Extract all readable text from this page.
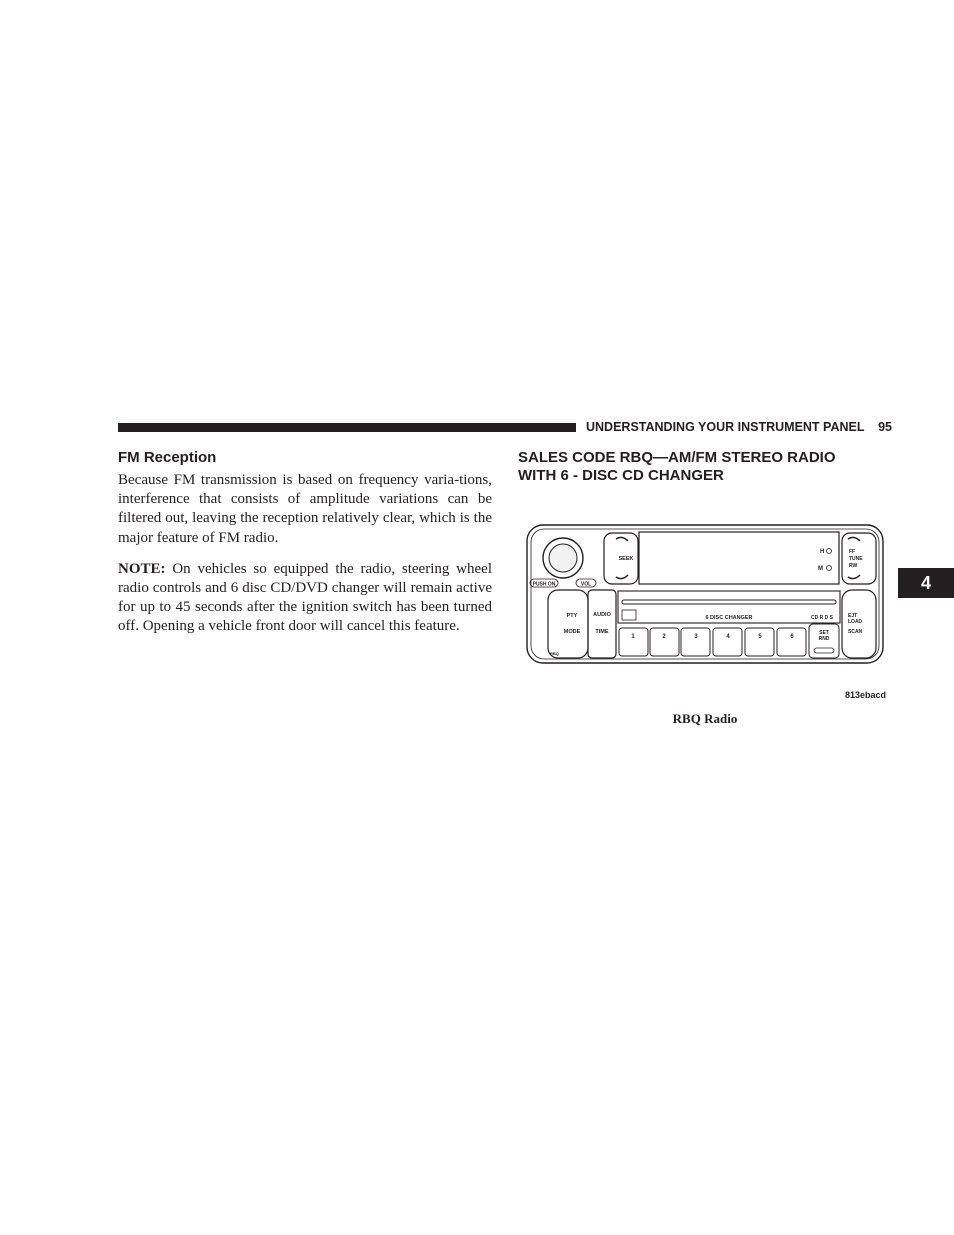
UNDERSTANDING YOUR INSTRUMENT PANEL 95
FM Reception

Because FM transmission is based on frequency varia-tions, interference that consists of amplitude variations can be filtered out, leaving the reception relatively clear, which is the major feature of FM radio.

NOTE: On vehicles so equipped the radio, steering wheel radio controls and 6 disc CD/DVD changer will remain active for up to 45 seconds after the ignition switch has been turned off. Opening a vehicle front door will cancel this feature.

SALES CODE RBQ—AM/FM STEREO RADIO
WITH 6 - DISC CD CHANGER
PUSH ON	VOL
SEEK
H
M
FF
TUNE
RW
PTY
MODE
AUDIO
TIME
RBQ
6 DISC CHANGER	CD R D S
1	2	3	4	5	6
SET
RND
EJT
LOAD
SCAN
813ebacd
RBQ Radio
4
